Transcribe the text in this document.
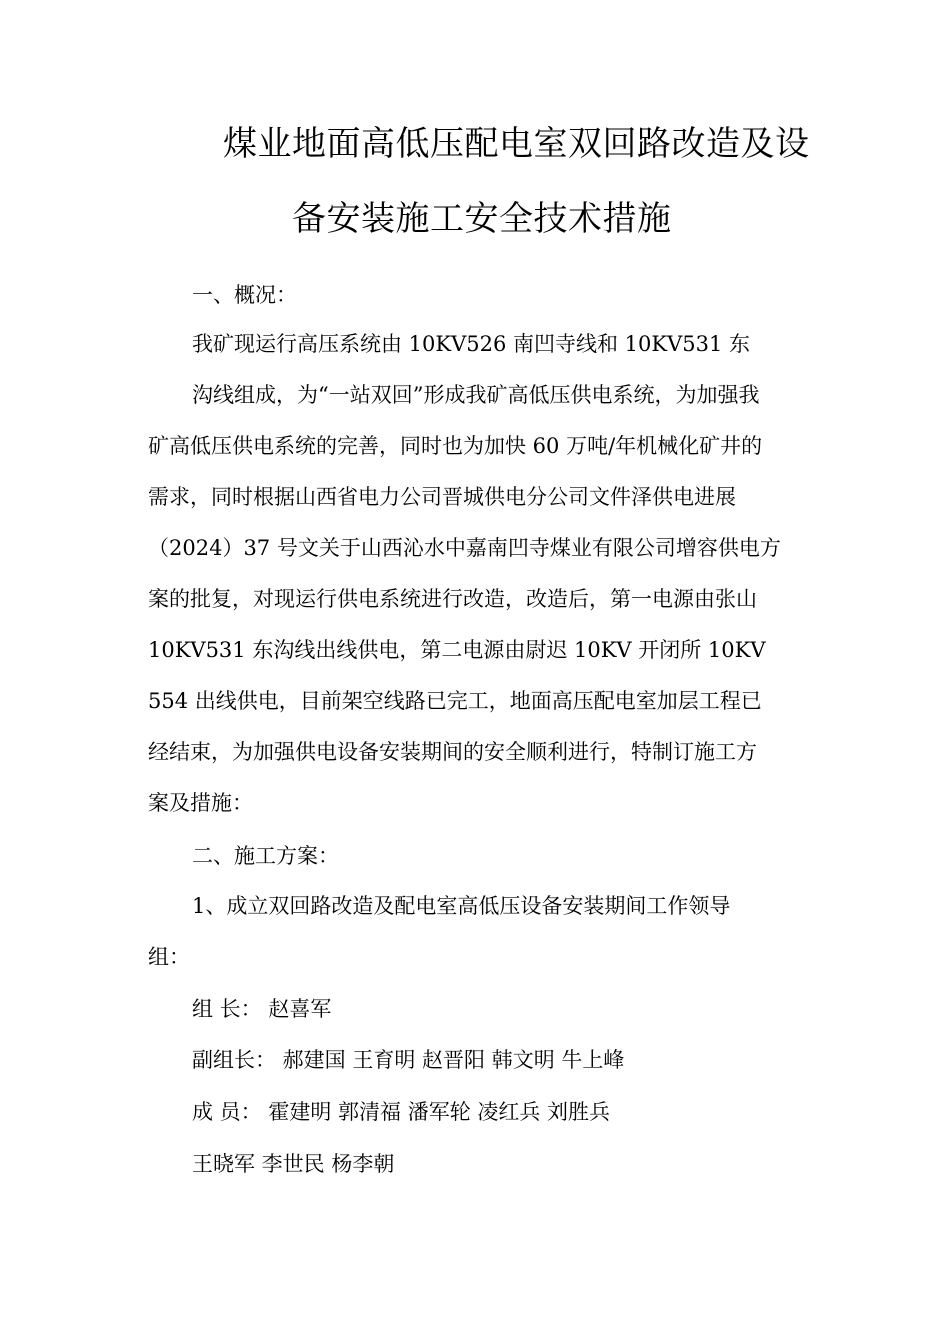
煤业地面高低压配电室双回路改造及设
备安装施工安全技术措施
一、概况：
我矿现运行高压系统由 10KV526 南凹寺线和 10KV531 东
沟线组成，为“一站双回”形成我矿高低压供电系统，为加强我
矿高低压供电系统的完善，同时也为加快 60 万吨/年机械化矿井的
需求，同时根据山西省电力公司晋城供电分公司文件泽供电进展
（2024）37 号文关于山西沁水中嘉南凹寺煤业有限公司增容供电方
案的批复，对现运行供电系统进行改造，改造后，第一电源由张山
10KV531 东沟线出线供电，第二电源由尉迟 10KV 开闭所 10KV
554 出线供电，目前架空线路已完工，地面高压配电室加层工程已
经结束，为加强供电设备安装期间的安全顺利进行，特制订施工方
案及措施：
二、施工方案：
1、成立双回路改造及配电室高低压设备安装期间工作领导
组：
组 长： 赵喜军
副组长： 郝建国 王育明 赵晋阳 韩文明 牛上峰
成 员： 霍建明 郭清福 潘军轮 凌红兵 刘胜兵
王晓军 李世民 杨李朝
